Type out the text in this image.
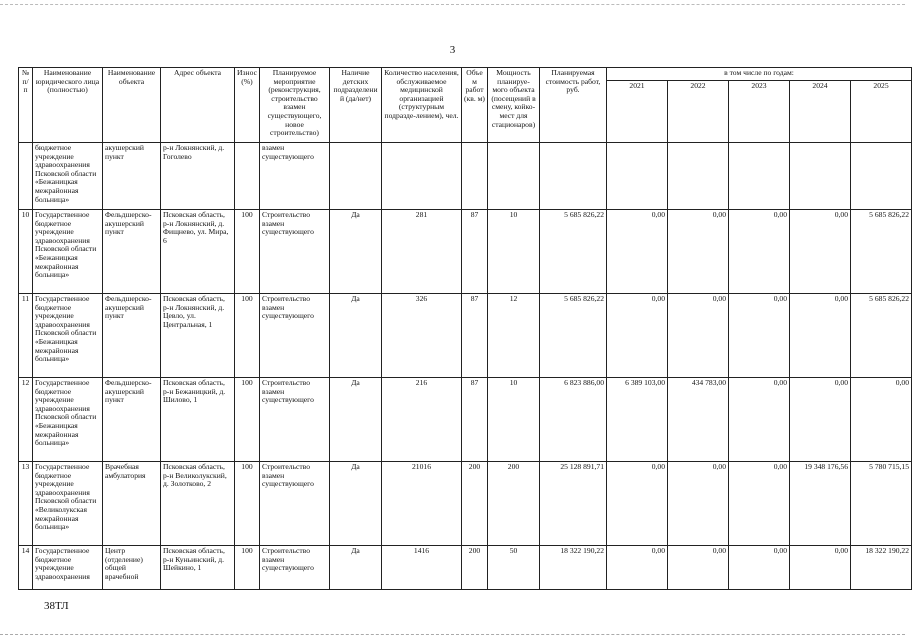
3
№ п/п	Наименование юридического лица (полностью)	Наименование объекта	Адрес объекта	Износ (%)	Планируемое мероприятие (реконструкция, строительство взамен существующего, новое строительство)	Наличие детских подразделений (да/нет)	Количество населения, обслуживаемое медицинской организацией (структурным подразде-лением), чел.	Объем работ (кв. м)	Мощность планируе-мого объекта (посещений в смену, койко-мест для стационаров)	Планируемая стоимость работ, руб.	в том числе по годам:				
											2021	2022	2023	2024	2025
	бюджетное учреждение здравоохранения Псковской области «Бежаницкая межрайонная больница»	акушерский пункт	р-н Локнянский, д. Гоголево		взамен существующего										
10	Государственное бюджетное учреждение здравоохранения Псковской области «Бежаницкая межрайонная больница»	Фельдшерско-акушерский пункт	Псковская область, р-н Локнянский, д. Фищнево, ул. Мира, 6	100	Строительство взамен существующего	Да	281	87	10	5 685 826,22	0,00	0,00	0,00	0,00	5 685 826,22
11	Государственное бюджетное учреждение здравоохранения Псковской области «Бежаницкая межрайонная больница»	Фельдшерско-акушерский пункт	Псковская область, р-н Локнянский, д. Цевло, ул. Центральная, 1	100	Строительство взамен существующего	Да	326	87	12	5 685 826,22	0,00	0,00	0,00	0,00	5 685 826,22
12	Государственное бюджетное учреждение здравоохранения Псковской области «Бежаницкая межрайонная больница»	Фельдшерско-акушерский пункт	Псковская область, р-н Бежаницкий, д. Шилово, 1	100	Строительство взамен существующего	Да	216	87	10	6 823 886,00	6 389 103,00	434 783,00	0,00	0,00	0,00
13	Государственное бюджетное учреждение здравоохранения Псковской области «Великолукская межрайонная больница»	Врачебная амбулатория	Псковская область, р-н Великолукский, д. Золотково, 2	100	Строительство взамен существующего	Да	21016	200	200	25 128 891,71	0,00	0,00	0,00	19 348 176,56	5 780 715,15
14	Государственное бюджетное учреждение здравоохранения	Центр (отделение) общей врачебной	Псковская область, р-н Куньинский, д. Шейкино, 1	100	Строительство взамен существующего	Да	1416	200	50	18 322 190,22	0,00	0,00	0,00	0,00	18 322 190,22
38ТЛ
